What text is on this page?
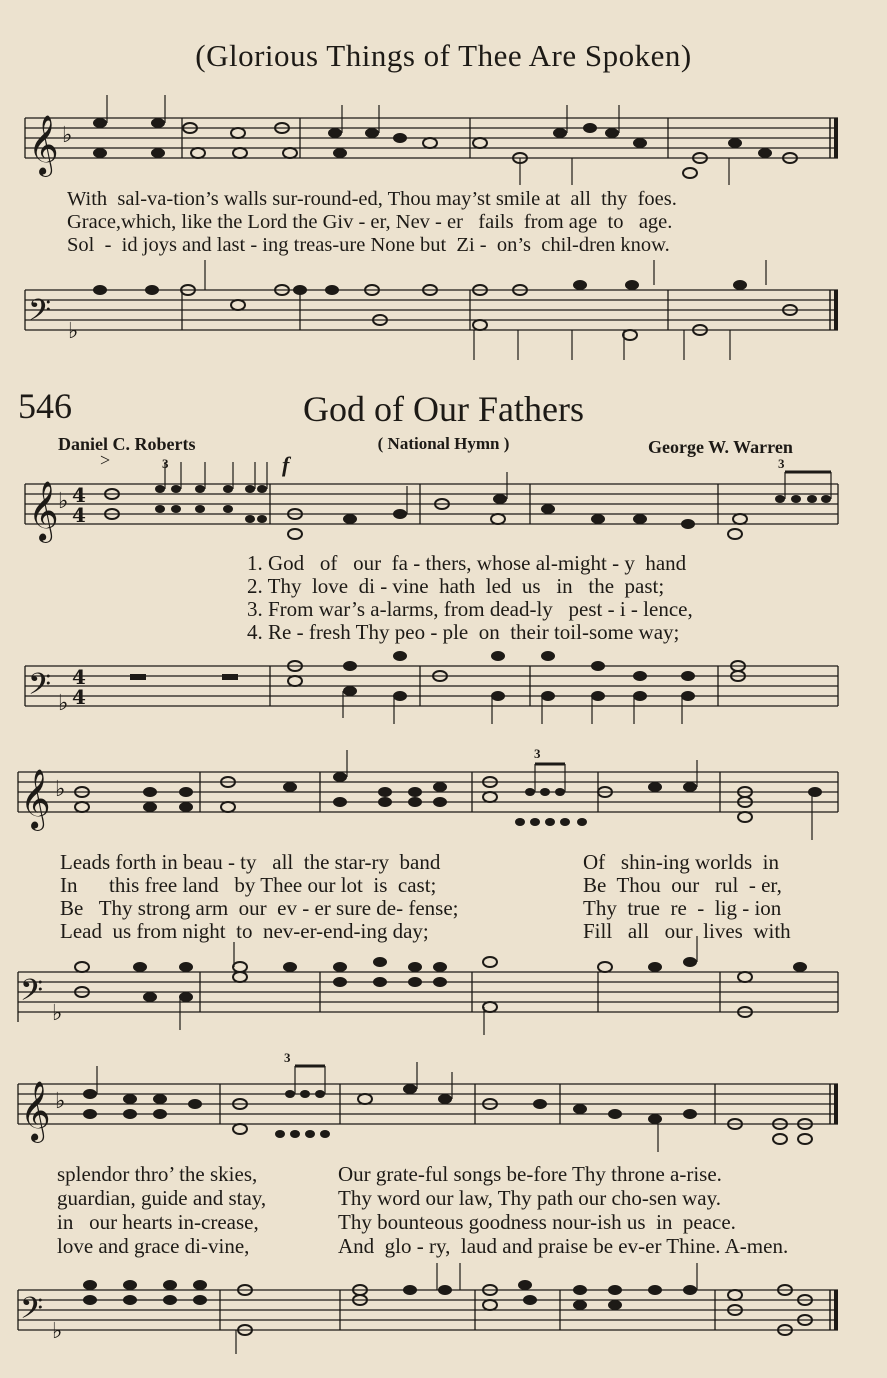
(Glorious Things of Thee Are Spoken)
𝄞 ♭
With  sal-va-tion’s walls sur-round-ed, Thou may’st smile at  all  thy  foes.
Grace,which, like the Lord the Giv - er, Nev - er   fails  from age  to   age.
Sol  -  id joys and last - ing treas-ure None but  Zi -  on’s  chil-dren know.
𝄢 ♭
546	God of Our Fathers
Daniel C. Roberts	( National Hymn )	George W. Warren
f
𝄞 ♭ 4
4
3	3
>
1. God   of   our  fa - thers, whose al-might - y  hand
2. Thy  love  di - vine  hath  led  us   in   the  past;
3. From war’s a-larms, from dead-ly   pest - i - lence,
4. Re - fresh Thy peo - ple  on  their toil-some way;
𝄢 ♭
4
4
𝄞 ♭
3
Leads forth in beau - ty   all  the star-ry  band
In      this free land   by Thee our lot  is  cast;
Be   Thy strong arm  our  ev - er sure de- fense;
Lead  us from night  to  nev-er-end-ing day;
Of   shin-ing worlds  in
Be  Thou  our   rul  - er,
Thy  true  re  -  lig - ion
Fill   all   our  lives  with
𝄢 ♭
𝄞 ♭
3
splendor thro’ the skies,
guardian, guide and stay,
in   our hearts in-crease,
love and grace di-vine,
Our grate-ful songs be-fore Thy throne a-rise.
Thy word our law, Thy path our cho-sen way.
Thy bounteous goodness nour-ish us  in  peace.
And  glo - ry,  laud and praise be ev-er Thine. A-men.
𝄢 ♭
